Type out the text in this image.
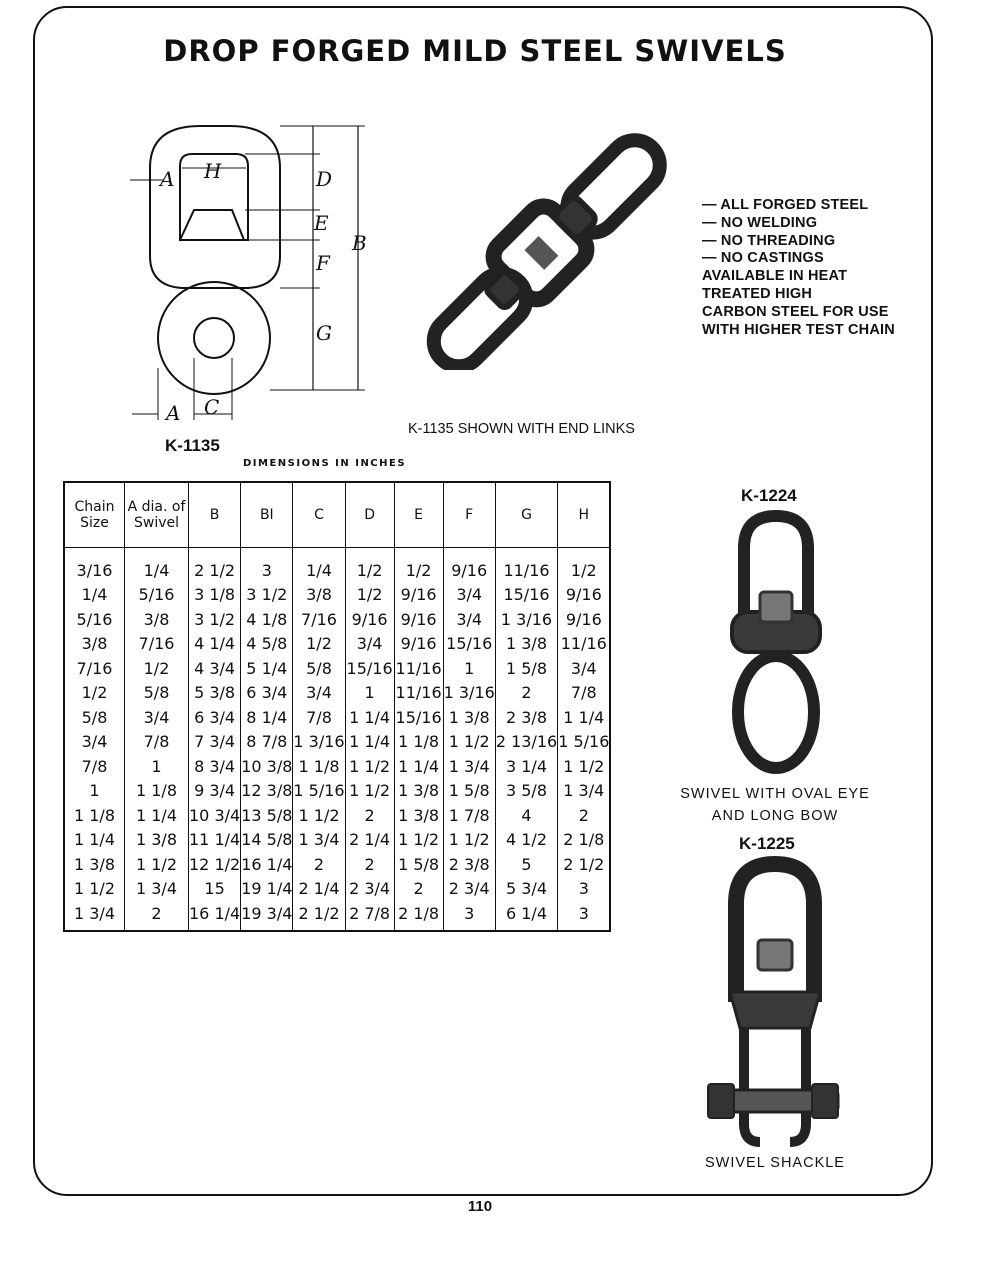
DROP FORGED MILD STEEL SWIVELS
A H	D
E
F
B
G
A C
K-1135
DIMENSIONS IN INCHES
K-1135 SHOWN WITH END LINKS
— ALL FORGED STEEL
— NO WELDING
— NO THREADING
— NO CASTINGS
AVAILABLE IN HEAT
TREATED HIGH
CARBON STEEL FOR USE
WITH HIGHER TEST CHAIN
Chain Size	A dia. of Swivel	B	BI	C	D	E	F	G	H
3/16	1/4	2 1/2	3	1/4	1/2	1/2	9/16	11/16	1/2
1/4	5/16	3 1/8	3 1/2	3/8	1/2	9/16	3/4	15/16	9/16
5/16	3/8	3 1/2	4 1/8	7/16	9/16	9/16	3/4	1 3/16	9/16
3/8	7/16	4 1/4	4 5/8	1/2	3/4	9/16	15/16	1 3/8	11/16
7/16	1/2	4 3/4	5 1/4	5/8	15/16	11/16	1	1 5/8	3/4
1/2	5/8	5 3/8	6 3/4	3/4	1	11/16	1 3/16	2	7/8
5/8	3/4	6 3/4	8 1/4	7/8	1 1/4	15/16	1 3/8	2 3/8	1 1/4
3/4	7/8	7 3/4	8 7/8	1 3/16	1 1/4	1 1/8	1 1/2	2 13/16	1 5/16
7/8	1	8 3/4	10 3/8	1 1/8	1 1/2	1 1/4	1 3/4	3 1/4	1 1/2
1	1 1/8	9 3/4	12 3/8	1 5/16	1 1/2	1 3/8	1 5/8	3 5/8	1 3/4
1 1/8	1 1/4	10 3/4	13 5/8	1 1/2	2	1 3/8	1 7/8	4	2
1 1/4	1 3/8	11 1/4	14 5/8	1 3/4	2 1/4	1 1/2	1 1/2	4 1/2	2 1/8
1 3/8	1 1/2	12 1/2	16 1/4	2	2	1 5/8	2 3/8	5	2 1/2
1 1/2	1 3/4	15	19 1/4	2 1/4	2 3/4	2	2 3/4	5 3/4	3
1 3/4	2	16 1/4	19 3/4	2 1/2	2 7/8	2 1/8	3	6 1/4	3
K-1224
SWIVEL WITH OVAL EYE
AND LONG BOW
K-1225
SWIVEL SHACKLE
110
